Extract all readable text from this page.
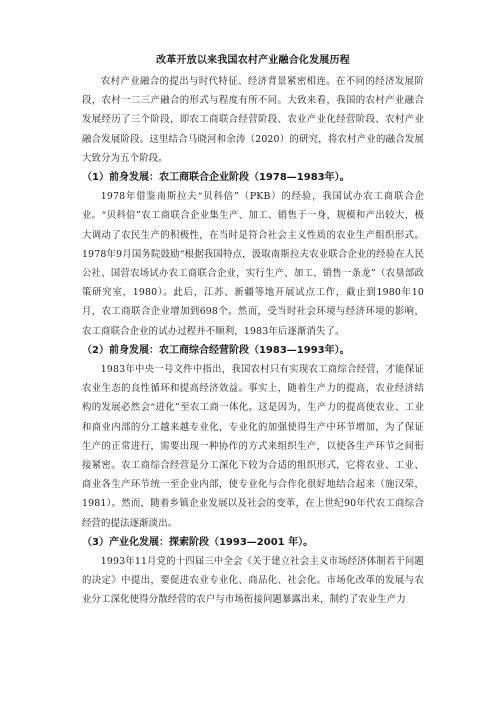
改革开放以来我国农村产业融合化发展历程

农村产业融合的提出与时代特征、经济背景紧密相连。在不同的经济发展阶段，农村一二三产融合的形式与程度有所不同。大致来看，我国的农村产业融合发展经历了三个阶段，即农工商联合经营阶段、农业产业化经营阶段、农村产业融合发展阶段。这里结合马晓河和余涛（2020）的研究，将农村产业的融合发展大致分为五个阶段。

（1）前身发展：农工商联合企业阶段（1978—1983年）。

1978年借鉴南斯拉夫“贝科倍”（PKB）的经验，我国试办农工商联合企业。“贝科倍”农工商联合企业集生产、加工、销售于一身，规模和产出较大，极大调动了农民生产的积极性，在当时是符合社会主义性质的农业生产组织形式。1978年9月国务院鼓励“根据我国特点，汲取南斯拉夫农业联合企业的经验在人民公社、国营农场试办农工商联合企业，实行生产、加工、销售一条龙”（农垦部政策研究室，1980）。此后，江苏、新疆等地开展试点工作，截止到1980年10月，农工商联合企业增加到698个。然而，受当时社会环境与经济环境的影响，农工商联合企业的试办过程并不顺利，1983年后逐渐消失了。

（2）前身发展：农工商综合经营阶段（1983—1993年）。

1983年中央一号文件中指出，我国农村只有实现农工商综合经营，才能保证农业生态的良性循环和提高经济效益。事实上，随着生产力的提高，农业经济结构的发展必然会“进化”至农工商一体化。这是因为，生产力的提高使农业、工业和商业内部的分工越来越专业化，专业化的加强使得生产中环节增加，为了保证生产的正常进行，需要出现一种协作的方式来组织生产，以使各生产环节之间衔接紧密。农工商综合经营是分工深化下较为合适的组织形式，它将农业、工业、商业各生产环节统一至企业内部，使专业化与合作化很好地结合起来（施汉荣，1981）。然而，随着乡镇企业发展以及社会的变革，在上世纪90年代农工商综合经营的提法逐渐淡出。

（3）产业化发展：探索阶段（1993—2001 年）。

1993年11月党的十四届三中全会《关于建立社会主义市场经济体制若干问题的决定》中提出，要促进农业专业化、商品化、社会化。市场化改革的发展与农业分工深化使得分散经营的农户与市场衔接问题暴露出来，制约了农业生产力
